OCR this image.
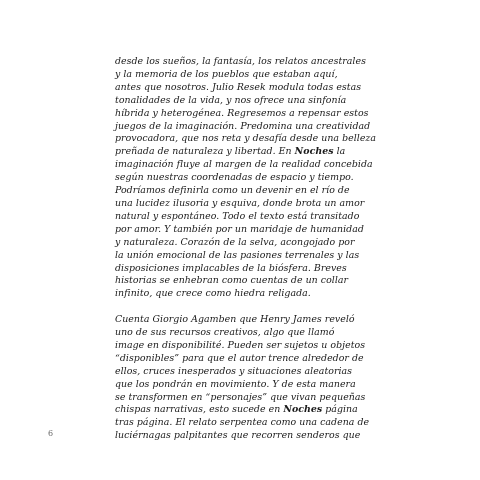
desde los sueños, la fantasía, los relatos ancestrales
y la memoria de los pueblos que estaban aquí,
antes que nosotros. Julio Resek modula todas estas
tonalidades de la vida, y nos ofrece una sinfonía
híbrida y heterogénea. Regresemos a repensar estos
juegos de la imaginación. Predomina una creatividad
provocadora, que nos reta y desafía desde una belleza
preñada de naturaleza y libertad. En Noches la
imaginación fluye al margen de la realidad concebida
según nuestras coordenadas de espacio y tiempo.
Podríamos definirla como un devenir en el río de
una lucidez ilusoria y esquiva, donde brota un amor
natural y espontáneo. Todo el texto está transitado
por amor. Y también por un maridaje de humanidad
y naturaleza. Corazón de la selva, acongojado por
la unión emocional de las pasiones terrenales y las
disposiciones implacables de la biósfera. Breves
historias se enhebran como cuentas de un collar
infinito, que crece como hiedra religada.
Cuenta Giorgio Agamben que Henry James reveló
uno de sus recursos creativos, algo que llamó
image en disponibilité. Pueden ser sujetos u objetos
“disponibles” para que el autor trence alrededor de
ellos, cruces inesperados y situaciones aleatorias
que los pondrán en movimiento. Y de esta manera
se transformen en “personajes” que vivan pequeñas
chispas narrativas, esto sucede en Noches página
tras página. El relato serpentea como una cadena de
luciérnagas palpitantes que recorren senderos que
6
